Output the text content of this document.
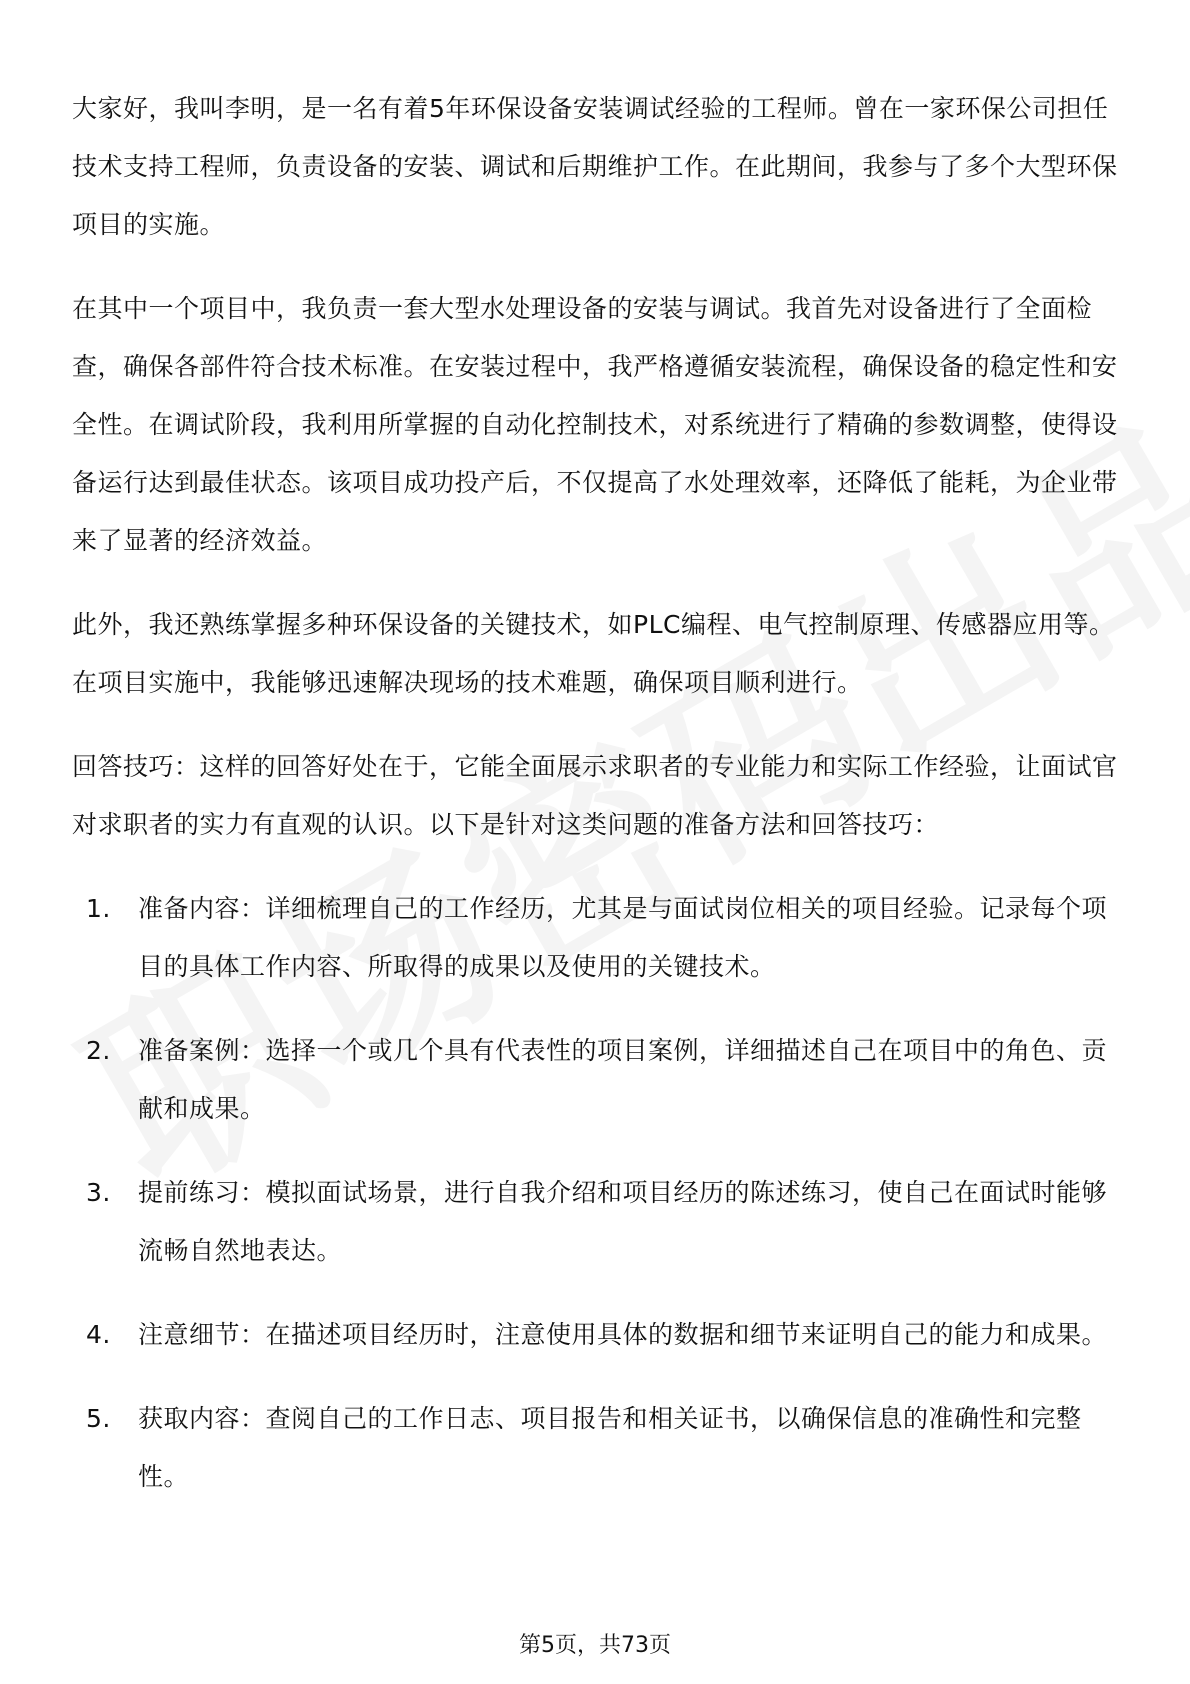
大家好，我叫李明，是一名有着5年环保设备安装调试经验的工程师。曾在一家环保公司担任技术支持工程师，负责设备的安装、调试和后期维护工作。在此期间，我参与了多个大型环保项目的实施。

在其中一个项目中，我负责一套大型水处理设备的安装与调试。我首先对设备进行了全面检查，确保各部件符合技术标准。在安装过程中，我严格遵循安装流程，确保设备的稳定性和安全性。在调试阶段，我利用所掌握的自动化控制技术，对系统进行了精确的参数调整，使得设备运行达到最佳状态。该项目成功投产后，不仅提高了水处理效率，还降低了能耗，为企业带来了显著的经济效益。

此外，我还熟练掌握多种环保设备的关键技术，如PLC编程、电气控制原理、传感器应用等。在项目实施中，我能够迅速解决现场的技术难题，确保项目顺利进行。

回答技巧：这样的回答好处在于，它能全面展示求职者的专业能力和实际工作经验，让面试官对求职者的实力有直观的认识。以下是针对这类问题的准备方法和回答技巧：

1.	准备内容：详细梳理自己的工作经历，尤其是与面试岗位相关的项目经验。记录每个项目的具体工作内容、所取得的成果以及使用的关键技术。
2.	准备案例：选择一个或几个具有代表性的项目案例，详细描述自己在项目中的角色、贡献和成果。
3.	提前练习：模拟面试场景，进行自我介绍和项目经历的陈述练习，使自己在面试时能够流畅自然地表达。
4.	注意细节：在描述项目经历时，注意使用具体的数据和细节来证明自己的能力和成果。
5.	获取内容：查阅自己的工作日志、项目报告和相关证书，以确保信息的准确性和完整性。
第5页，共73页
